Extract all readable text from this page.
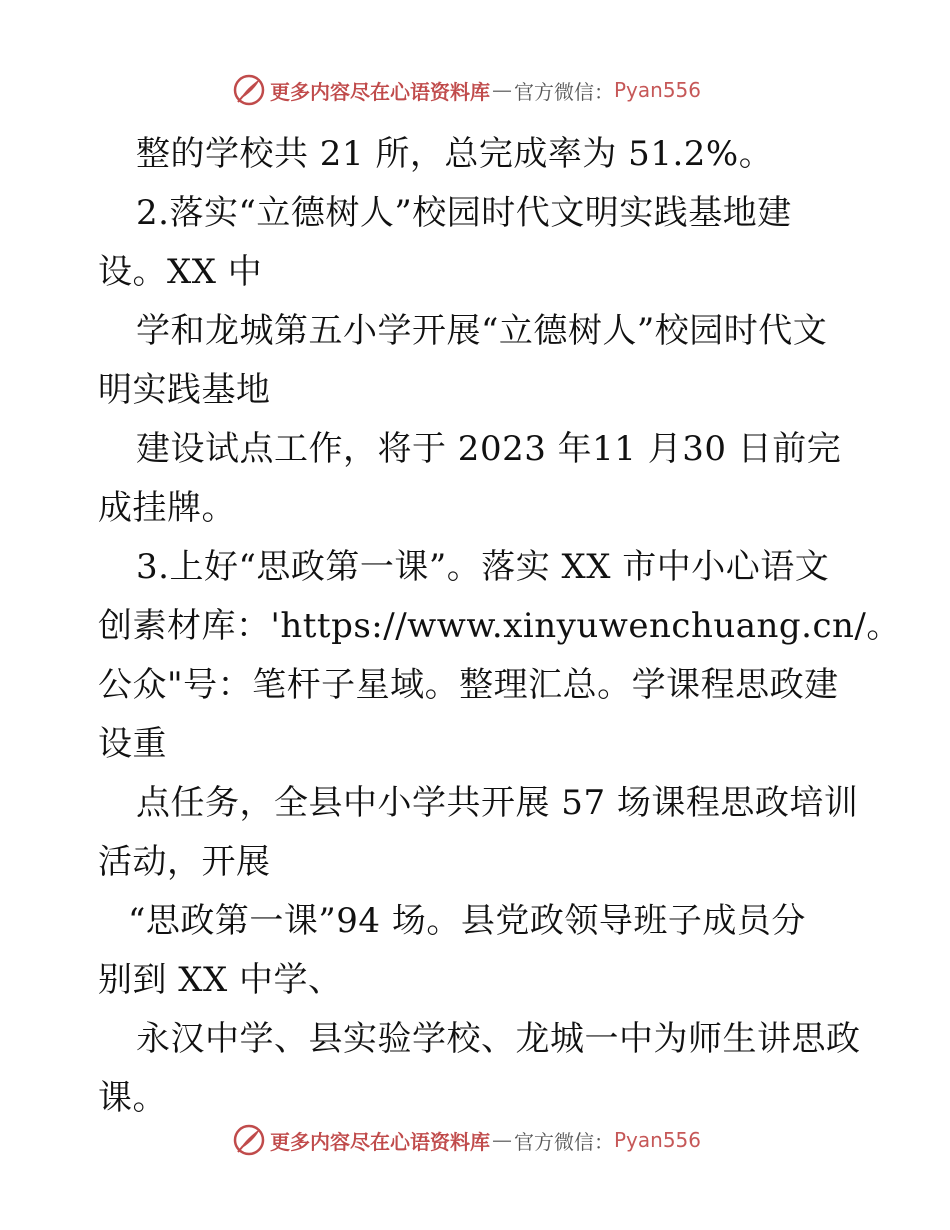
更多内容尽在心语资料库 — 官方微信： Pyan556
整的学校共 21 所，总完成率为 51.2%。
2.落实“立德树人”校园时代文明实践基地建
设。XX 中
学和龙城第五小学开展“立德树人”校园时代文
明实践基地
建设试点工作，将于 2023 年11 月30 日前完
成挂牌。
3.上好“思政第一课”。落实 XX 市中小心语文
创素材库：'https://www.xinyuwenchuang.cn/。
公众"号：笔杆子星域。整理汇总。学课程思政建
设重
点任务，全县中小学共开展 57 场课程思政培训
活动，开展
“思政第一课”94 场。县党政领导班子成员分
别到 XX 中学、
永汉中学、县实验学校、龙城一中为师生讲思政
课。
更多内容尽在心语资料库 — 官方微信： Pyan556
